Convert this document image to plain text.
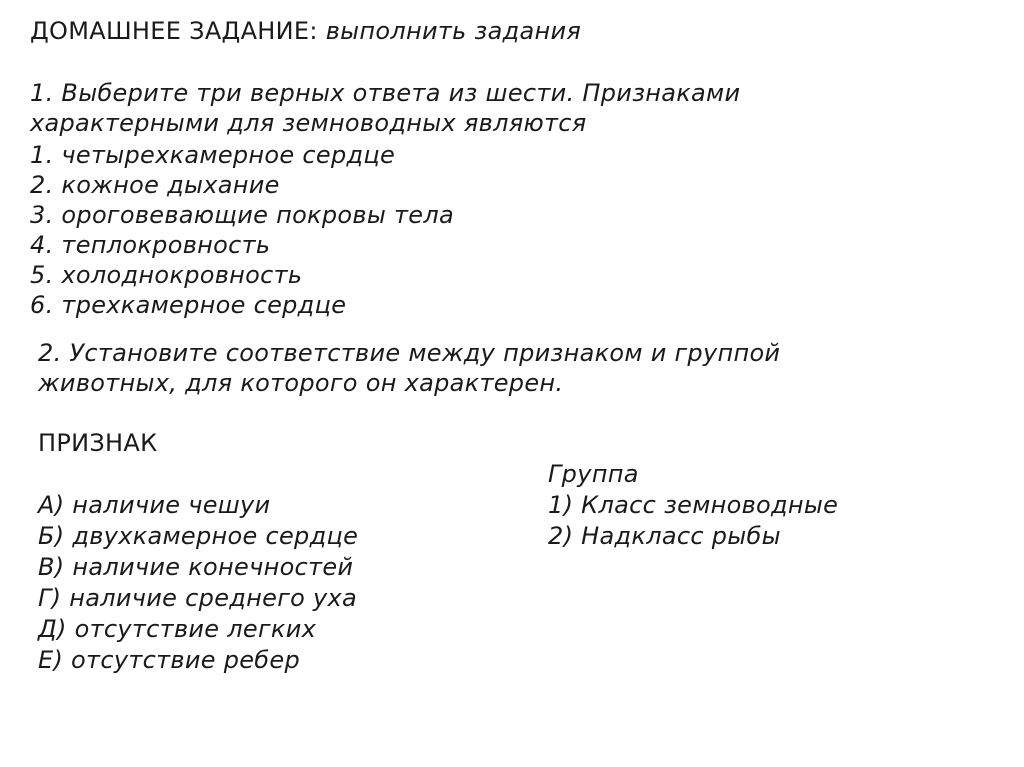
ДОМАШНЕЕ ЗАДАНИЕ: выполнить задания
1. Выберите три верных ответа из шести. Признаками
характерными для земноводных являются
1. четырехкамерное сердце
2. кожное дыхание
3. ороговевающие покровы тела
4. теплокровность
5. холоднокровность
6. трехкамерное сердце
2. Установите соответствие между признаком и группой
животных, для которого он характерен.
ПРИЗНАК
А) наличие чешуи
Б) двухкамерное сердце
В) наличие конечностей
Г) наличие среднего уха
Д) отсутствие легких
Е) отсутствие ребер
Группа
1) Класс земноводные
2) Надкласс рыбы
